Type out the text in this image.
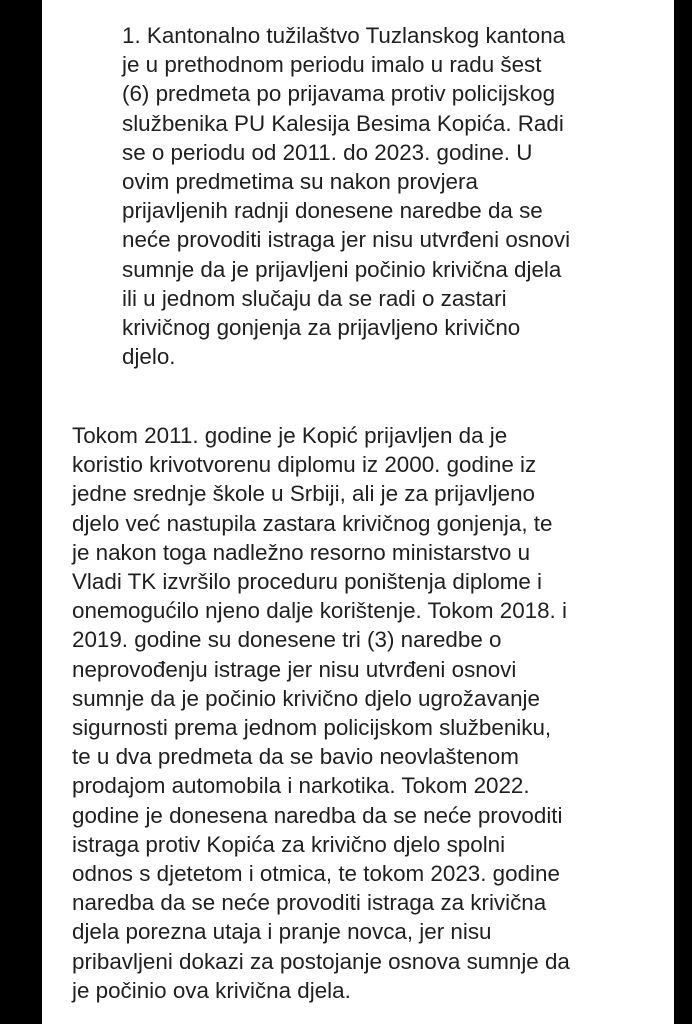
1. Kantonalno tužilaštvo Tuzlanskog kantona
je u prethodnom periodu imalo u radu šest
(6) predmeta po prijavama protiv policijskog
službenika PU Kalesija Besima Kopića. Radi
se o periodu od 2011. do 2023. godine. U
ovim predmetima su nakon provjera
prijavljenih radnji donesene naredbe da se
neće provoditi istraga jer nisu utvrđeni osnovi
sumnje da je prijavljeni počinio krivična djela
ili u jednom slučaju da se radi o zastari
krivičnog gonjenja za prijavljeno krivično
djelo.
Tokom 2011. godine je Kopić prijavljen da je
koristio krivotvorenu diplomu iz 2000. godine iz
jedne srednje škole u Srbiji, ali je za prijavljeno
djelo već nastupila zastara krivičnog gonjenja, te
je nakon toga nadležno resorno ministarstvo u
Vladi TK izvršilo proceduru poništenja diplome i
onemogućilo njeno dalje korištenje. Tokom 2018. i
2019. godine su donesene tri (3) naredbe o
neprovođenju istrage jer nisu utvrđeni osnovi
sumnje da je počinio krivično djelo ugrožavanje
sigurnosti prema jednom policijskom službeniku,
te u dva predmeta da se bavio neovlaštenom
prodajom automobila i narkotika. Tokom 2022.
godine je donesena naredba da se neće provoditi
istraga protiv Kopića za krivično djelo spolni
odnos s djetetom i otmica, te tokom 2023. godine
naredba da se neće provoditi istraga za krivična
djela porezna utaja i pranje novca, jer nisu
pribavljeni dokazi za postojanje osnova sumnje da
je počinio ova krivična djela.
